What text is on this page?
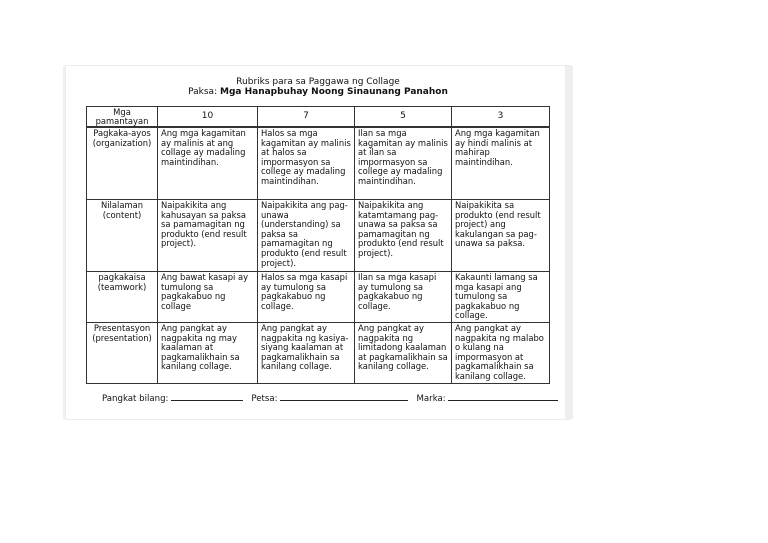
Rubriks para sa Paggawa ng Collage
Paksa: Mga Hanapbuhay Noong Sinaunang Panahon
Mga pamantayan	10	7	5	3
Pagkaka-ayos (organization)	Ang mga kagamitan ay malinis at ang collage ay madaling maintindihan.	Halos sa mga kagamitan ay malinis at halos sa impormasyon sa college ay madaling maintindihan.	Ilan sa mga kagamitan ay malinis at ilan sa impormasyon sa college ay madaling maintindihan.	Ang mga kagamitan ay hindi malinis at mahirap maintindihan.
Nilalaman (content)	Naipakikita ang kahusayan sa paksa sa pamamagitan ng produkto (end result project).	Naipakikita ang pag-unawa (understanding) sa paksa sa pamamagitan ng produkto (end result project).	Naipakikita ang katamtamang pag-unawa sa paksa sa pamamagitan ng produkto (end result project).	Naipakikita sa produkto (end result project) ang kakulangan sa pag-unawa sa paksa.
pagkakaisa (teamwork)	Ang bawat kasapi ay tumulong sa pagkakabuo ng collage	Halos sa mga kasapi ay tumulong sa pagkakabuo ng collage.	Ilan sa mga kasapi ay tumulong sa pagkakabuo ng collage.	Kakaunti lamang sa mga kasapi ang tumulong sa pagkakabuo ng collage.
Presentasyon (presentation)	Ang pangkat ay nagpakita ng may kaalaman at pagkamalikhain sa kanilang collage.	Ang pangkat ay nagpakita ng kasiya-siyang kaalaman at pagkamalikhain sa kanilang collage.	Ang pangkat ay nagpakita ng limitadong kaalaman at pagkamalikhain sa kanilang collage.	Ang pangkat ay nagpakita ng malabo o kulang na impormasyon at pagkamalikhain sa kanilang collage.
Pangkat bilang:	Petsa:	Marka:
